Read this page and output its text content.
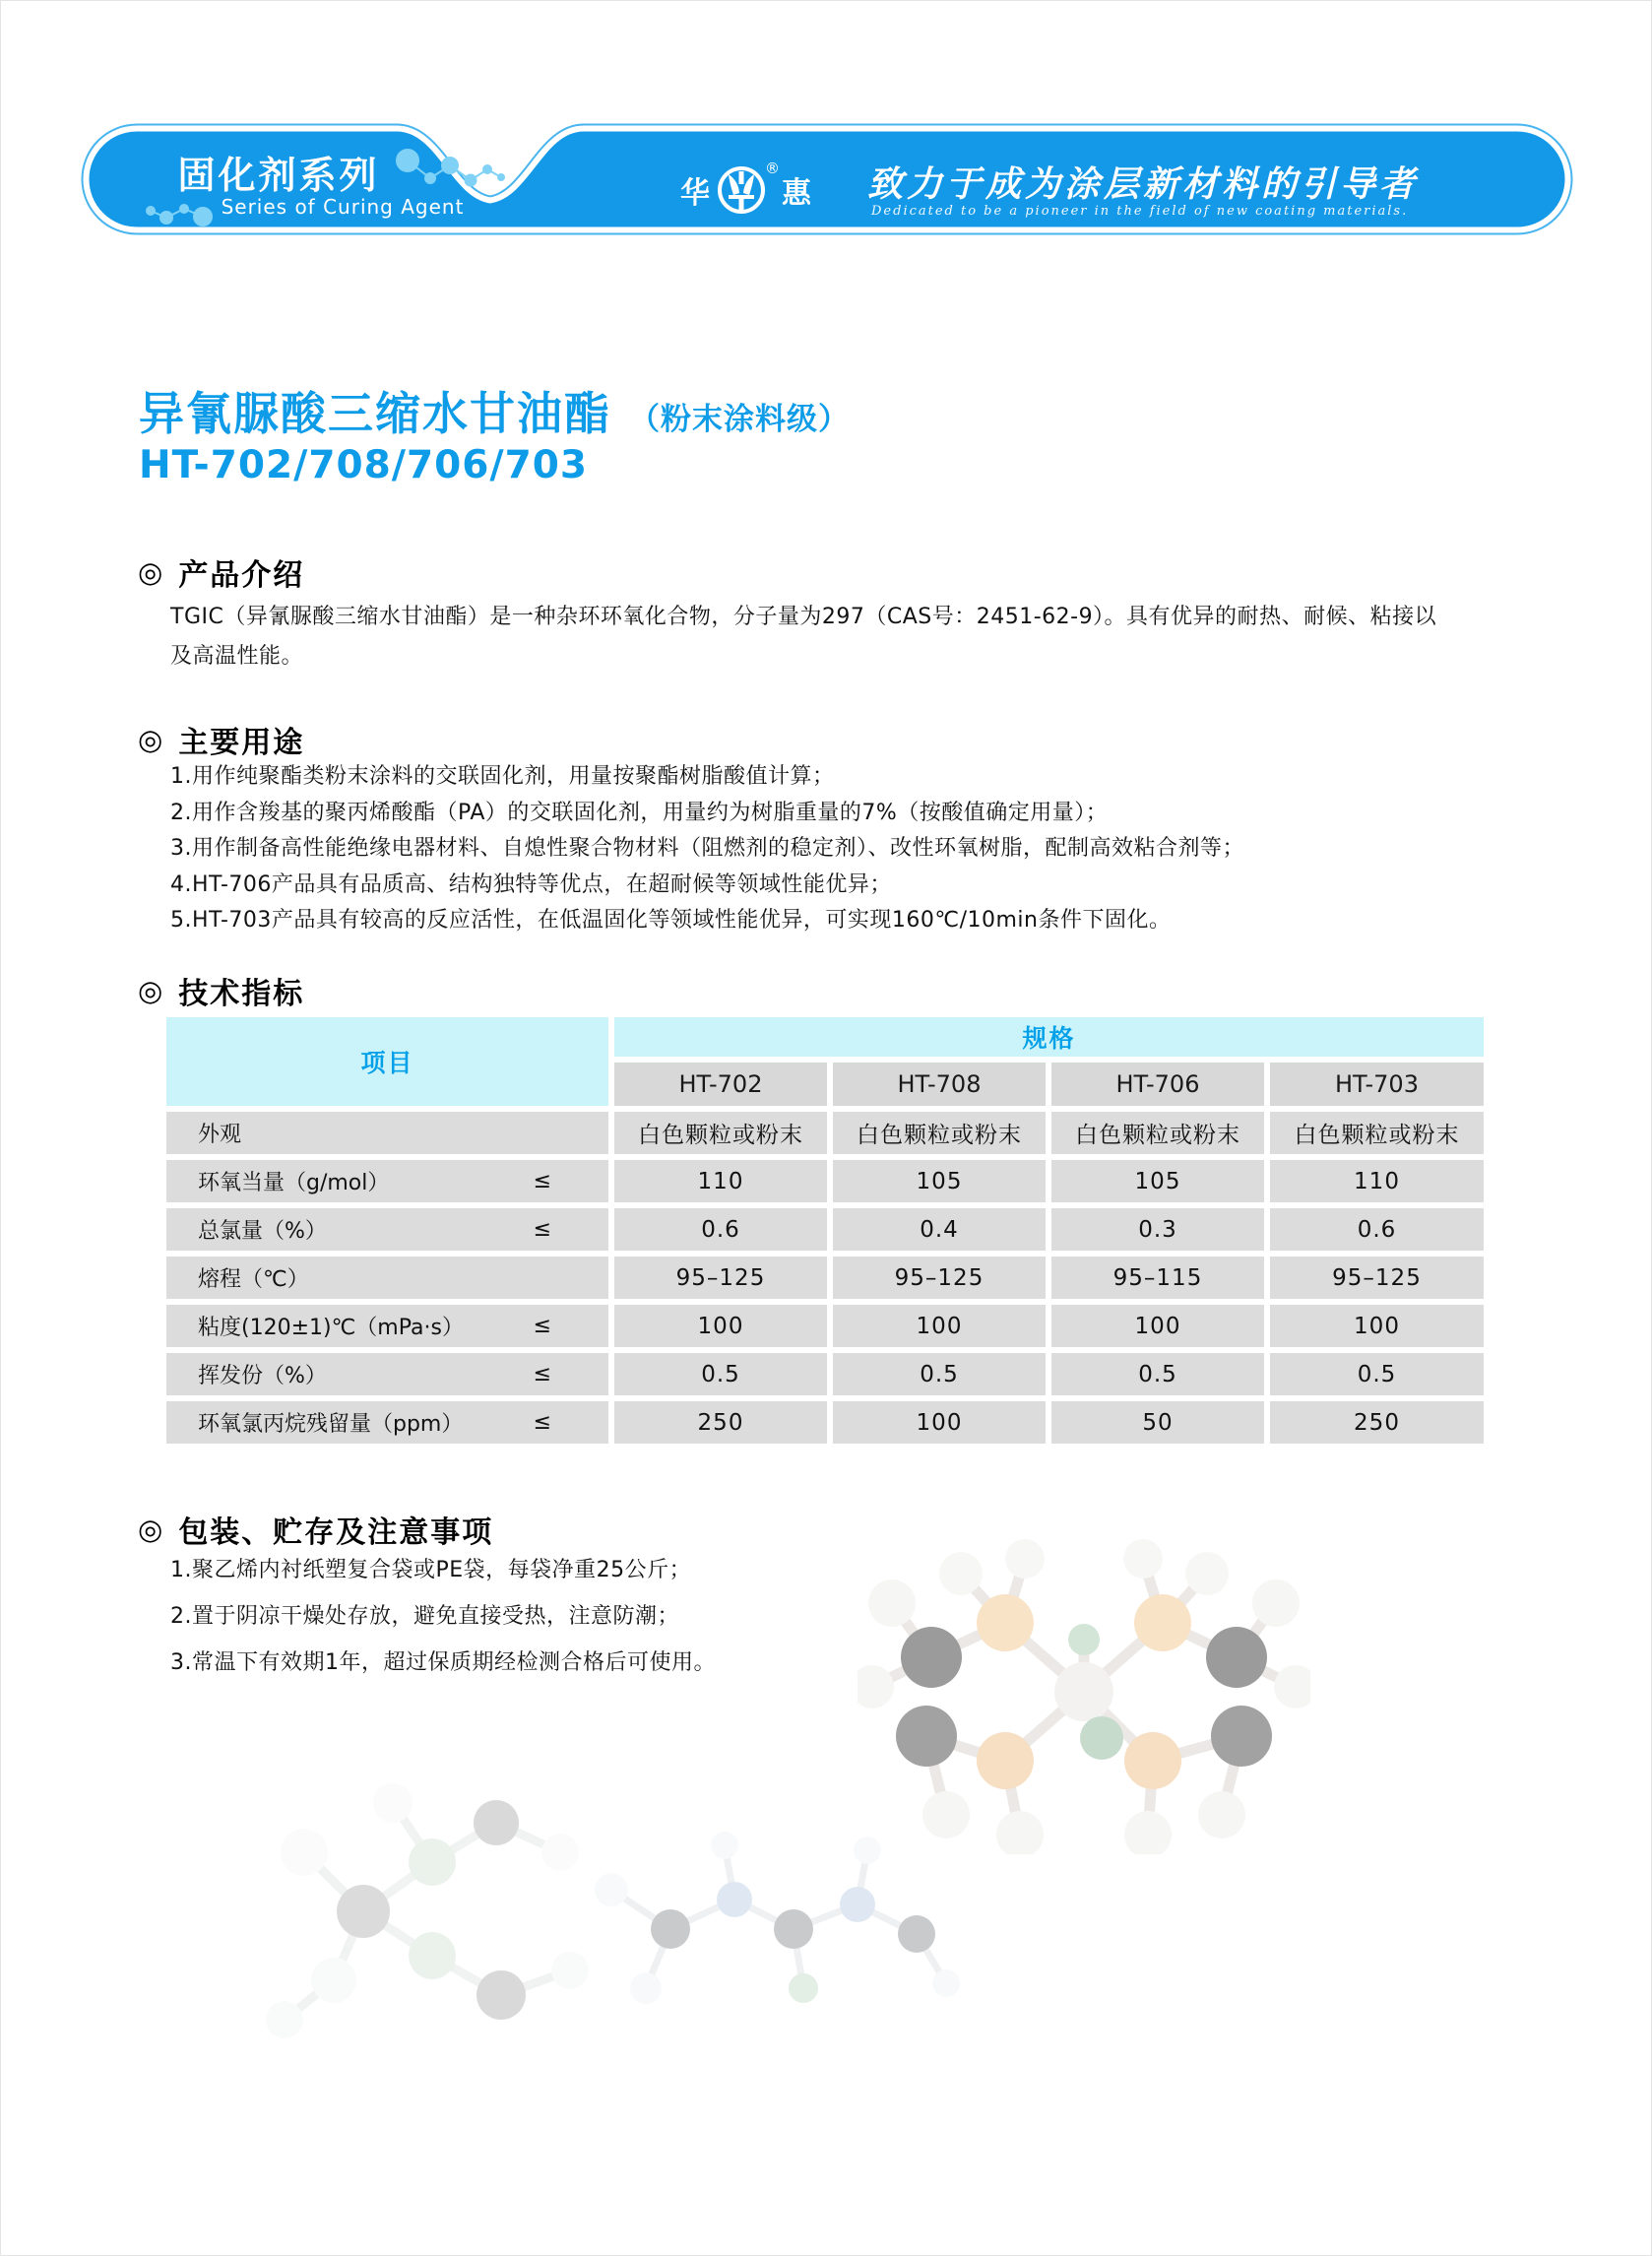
固化剂系列
Series of Curing Agent	华
®
惠 致力于成为涂层新材料的引导者
Dedicated to be a pioneer in the field of new coating materials.
异氰脲酸三缩水甘油酯 （粉末涂料级）
HT-702/708/706/703
◎ 产品介绍
TGIC（异氰脲酸三缩水甘油酯）是一种杂环环氧化合物，分子量为297（CAS号：2451-62-9）。具有优异的耐热、耐候、粘接以
及高温性能。
◎ 主要用途
1.用作纯聚酯类粉末涂料的交联固化剂，用量按聚酯树脂酸值计算；
2.用作含羧基的聚丙烯酸酯（PA）的交联固化剂，用量约为树脂重量的7%（按酸值确定用量）；
3.用作制备高性能绝缘电器材料、自熄性聚合物材料（阻燃剂的稳定剂）、改性环氧树脂，配制高效粘合剂等；
4.HT-706产品具有品质高、结构独特等优点，在超耐候等领域性能优异；
5.HT-703产品具有较高的反应活性，在低温固化等领域性能优异，可实现160℃/10min条件下固化。
◎ 技术指标
项目
规格
HT-702	HT-708	HT-706	HT-703
外观	白色颗粒或粉末	白色颗粒或粉末	白色颗粒或粉末	白色颗粒或粉末
环氧当量（g/mol）	≤	110	105	105	110
总氯量（%）	≤	0.6	0.4	0.3	0.6
熔程（℃）	95–125	95–125	95–115	95–125
粘度(120±1)℃（mPa·s）	≤	100	100	100	100
挥发份（%）	≤	0.5	0.5	0.5	0.5
环氧氯丙烷残留量（ppm）	≤	250	100	50	250
◎ 包装、贮存及注意事项
1.聚乙烯内衬纸塑复合袋或PE袋，每袋净重25公斤；
2.置于阴凉干燥处存放，避免直接受热，注意防潮；
3.常温下有效期1年，超过保质期经检测合格后可使用。
